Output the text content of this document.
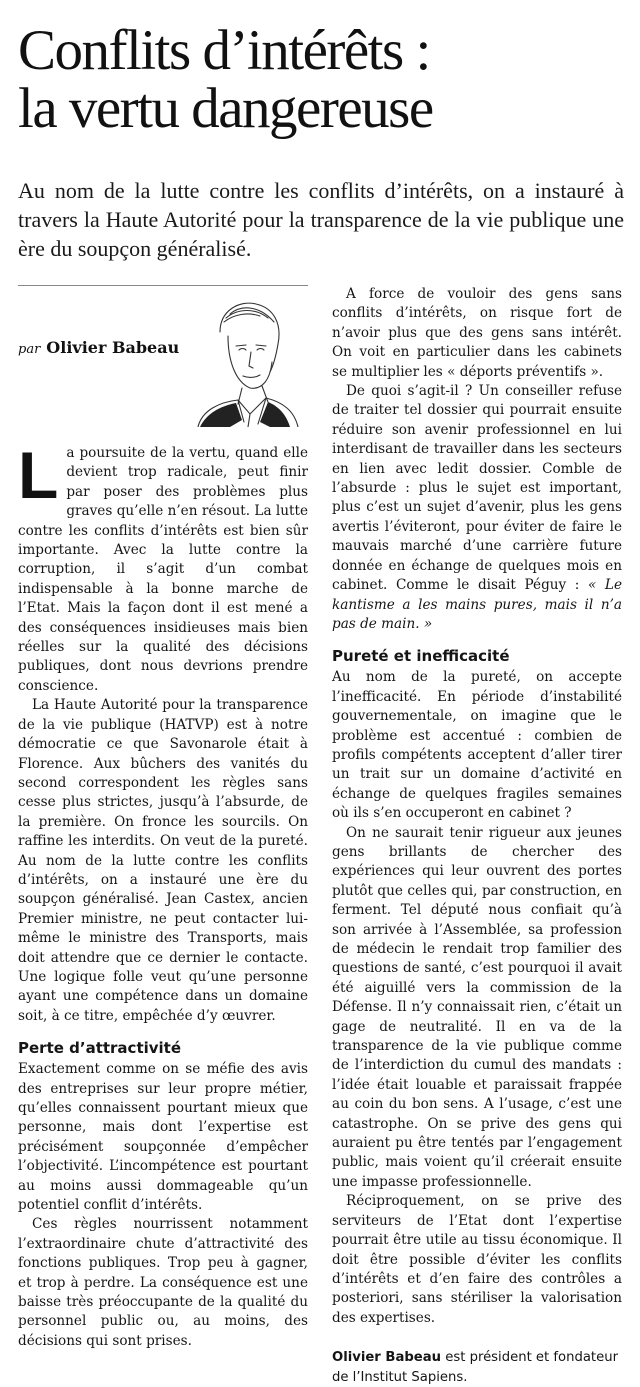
Conflits d’intérêts :
la vertu dangereuse

Au nom de la lutte contre les conflits d’intérêts, on a instauré à travers la Haute Autorité pour la transparence de la vie publique une ère du soupçon généralisé.

par Olivier Babeau

La poursuite de la vertu, quand elle devient trop radicale, peut finir par poser des problèmes plus graves qu’elle n’en résout. La lutte contre les conflits d’intérêts est bien sûr importante. Avec la lutte contre la corruption, il s’agit d’un combat indispensable à la bonne marche de l’Etat. Mais la façon dont il est mené a des conséquences insidieuses mais bien réelles sur la qualité des décisions publiques, dont nous devrions prendre conscience.

La Haute Autorité pour la transparence de la vie publique (HATVP) est à notre démocratie ce que Savonarole était à Florence. Aux bûchers des vanités du second correspondent les règles sans cesse plus strictes, jusqu’à l’absurde, de la première. On fronce les sourcils. On raffine les interdits. On veut de la pureté. Au nom de la lutte contre les conflits d’intérêts, on a instauré une ère du soupçon généralisé. Jean Castex, ancien Premier ministre, ne peut contacter lui-même le ministre des Transports, mais doit attendre que ce dernier le contacte. Une logique folle veut qu’une personne ayant une compétence dans un domaine soit, à ce titre, empêchée d’y œuvrer.

Perte d’attractivité

Exactement comme on se méfie des avis des entreprises sur leur propre métier, qu’elles connaissent pourtant mieux que personne, mais dont l’expertise est précisément soupçonnée d’empêcher l’objectivité. L’incompétence est pourtant au moins aussi dommageable qu’un potentiel conflit d’intérêts.

Ces règles nourrissent notamment l’extraordinaire chute d’attractivité des fonctions publiques. Trop peu à gagner, et trop à perdre. La conséquence est une baisse très préoccupante de la qualité du personnel public ou, au moins, des décisions qui sont prises.

A force de vouloir des gens sans conflits d’intérêts, on risque fort de n’avoir plus que des gens sans intérêt. On voit en particulier dans les cabinets se multiplier les « déports préventifs ».

De quoi s’agit-il ? Un conseiller refuse de traiter tel dossier qui pourrait ensuite réduire son avenir professionnel en lui interdisant de travailler dans les secteurs en lien avec ledit dossier. Comble de l’absurde : plus le sujet est important, plus c’est un sujet d’avenir, plus les gens avertis l’éviteront, pour éviter de faire le mauvais marché d’une carrière future donnée en échange de quelques mois en cabinet. Comme le disait Péguy : « Le kantisme a les mains pures, mais il n’a pas de main. »

Pureté et inefficacité

Au nom de la pureté, on accepte l’inefficacité. En période d’instabilité gouvernementale, on imagine que le problème est accentué : combien de profils compétents acceptent d’aller tirer un trait sur un domaine d’activité en échange de quelques fragiles semaines où ils s’en occuperont en cabinet ?

On ne saurait tenir rigueur aux jeunes gens brillants de chercher des expériences qui leur ouvrent des portes plutôt que celles qui, par construction, en ferment. Tel député nous confiait qu’à son arrivée à l’Assemblée, sa profession de médecin le rendait trop familier des questions de santé, c’est pourquoi il avait été aiguillé vers la commission de la Défense. Il n’y connaissait rien, c’était un gage de neutralité. Il en va de la transparence de la vie publique comme de l’interdiction du cumul des mandats : l’idée était louable et paraissait frappée au coin du bon sens. A l’usage, c’est une catastrophe. On se prive des gens qui auraient pu être tentés par l’engagement public, mais voient qu’il créerait ensuite une impasse professionnelle.

Réciproquement, on se prive des serviteurs de l’Etat dont l’expertise pourrait être utile au tissu économique. Il doit être possible d’éviter les conflits d’intérêts et d’en faire des contrôles a posteriori, sans stériliser la valorisation des expertises.

Olivier Babeau est président et fondateur de l’Institut Sapiens.
